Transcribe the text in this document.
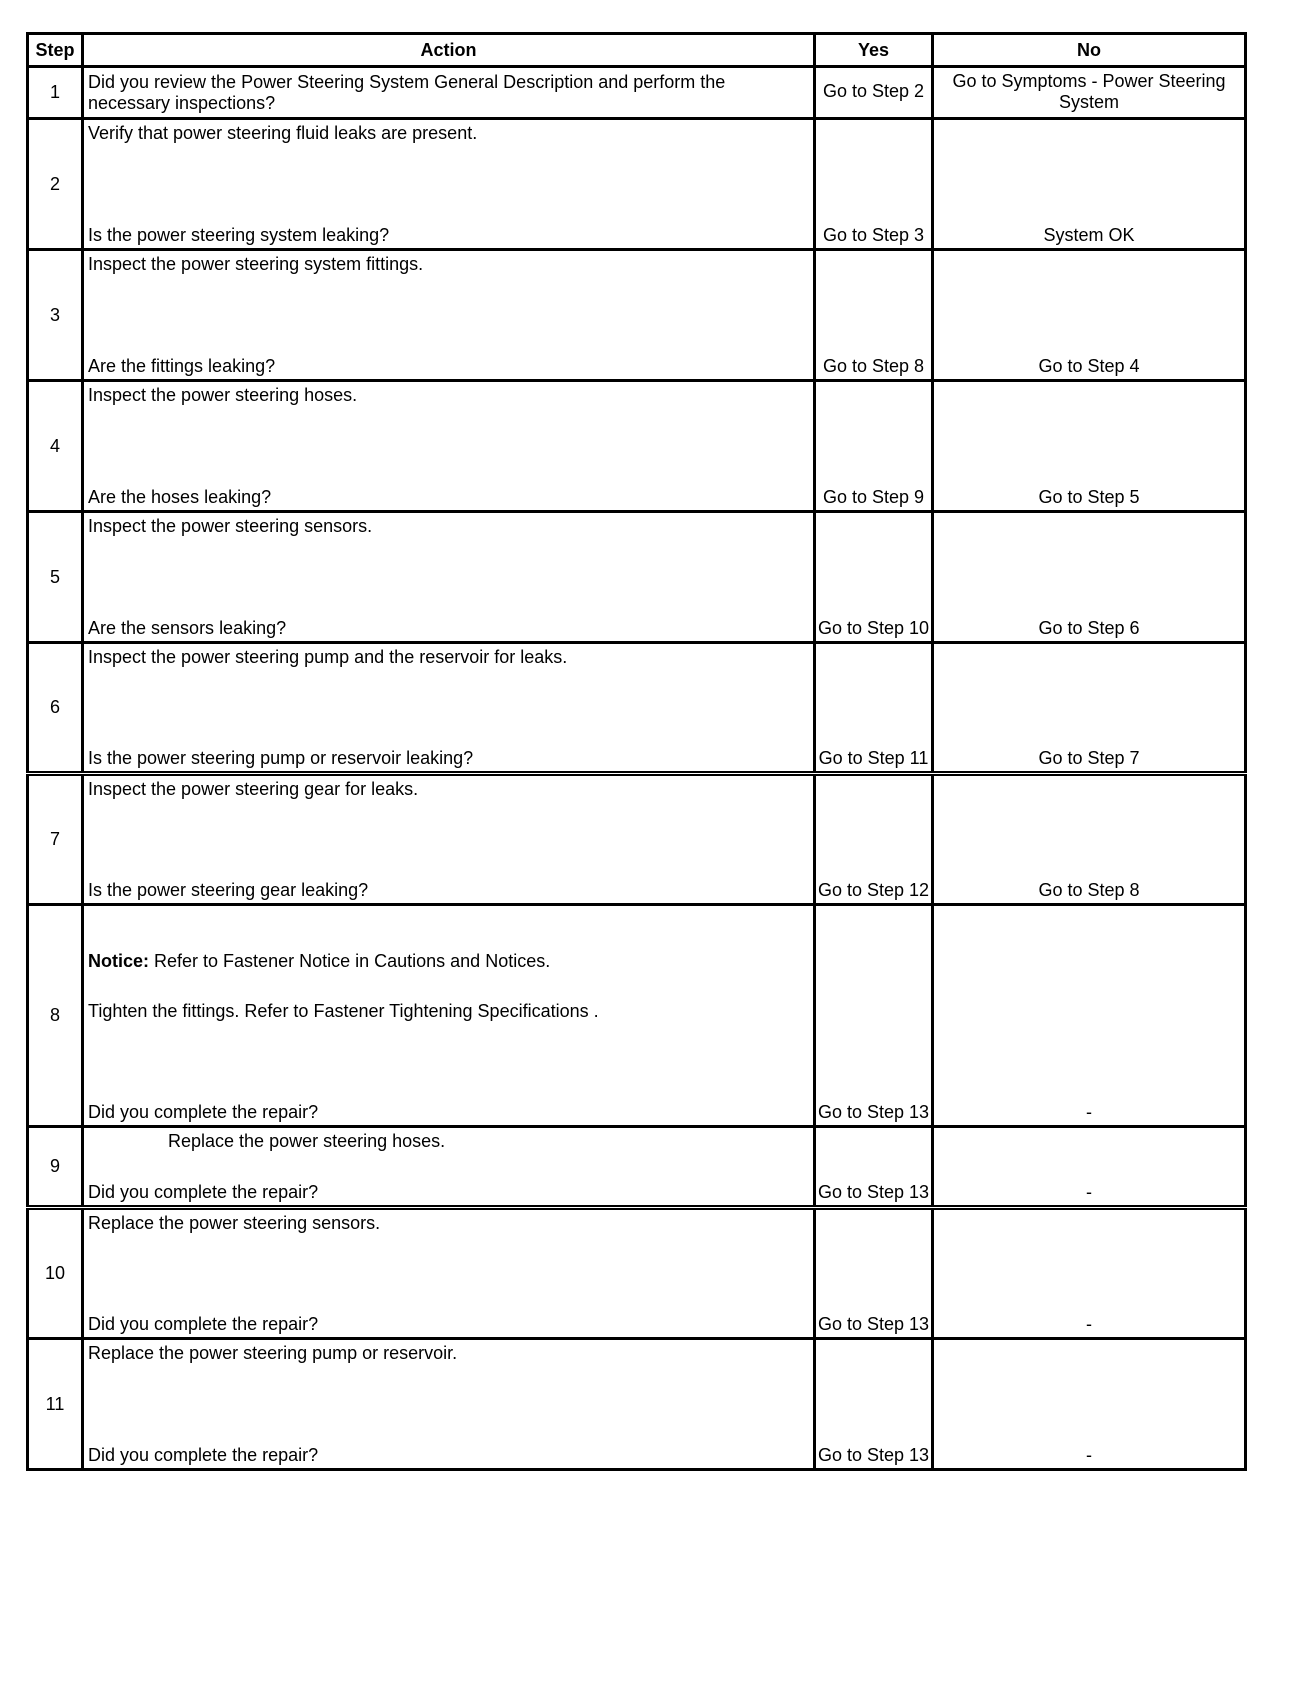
Step	Action	Yes	No
1	Did you review the Power Steering System General Description and perform the necessary inspections?	Go to Step 2	Go to Symptoms - Power Steering System
2	Verify that power steering fluid leaks are present.
Is the power steering system leaking?	Go to Step 3	System OK
3	Inspect the power steering system fittings.
Are the fittings leaking?	Go to Step 8	Go to Step 4
4	Inspect the power steering hoses.
Are the hoses leaking?	Go to Step 9	Go to Step 5
5	Inspect the power steering sensors.
Are the sensors leaking?	Go to Step 10	Go to Step 6
6	Inspect the power steering pump and the reservoir for leaks.
Is the power steering pump or reservoir leaking?	Go to Step 11	Go to Step 7
7	Inspect the power steering gear for leaks.
Is the power steering gear leaking?	Go to Step 12	Go to Step 8
8	Notice: Refer to Fastener Notice in Cautions and Notices.
Tighten the fittings. Refer to Fastener Tightening Specifications .
Did you complete the repair?	Go to Step 13	-
9	Replace the power steering hoses.
Did you complete the repair?	Go to Step 13	-
10	Replace the power steering sensors.
Did you complete the repair?	Go to Step 13	-
11	Replace the power steering pump or reservoir.
Did you complete the repair?	Go to Step 13	-
